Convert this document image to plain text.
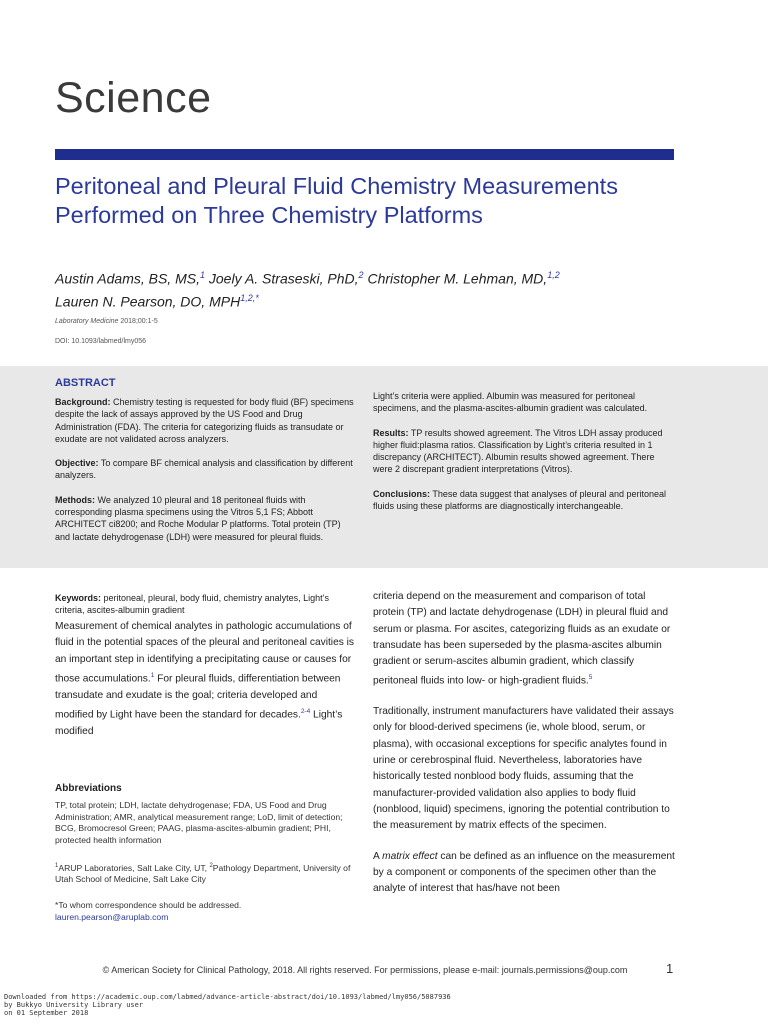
Science
Peritoneal and Pleural Fluid Chemistry Measurements Performed on Three Chemistry Platforms
Austin Adams, BS, MS,$^1$ Joely A. Straseski, PhD,$^2$ Christopher M. Lehman, MD,$^{1,2}$
Lauren N. Pearson, DO, $MPH^{1,2,*}$
Laboratory Medicine 2018;00:1-5
DOI: 10.1093/labmed/lmy056
ABSTRACT

Background: Chemistry testing is requested for body fluid (BF) specimens despite the lack of assays approved by the US Food and Drug Administration (FDA). The criteria for categorizing fluids as transudate or exudate are not validated across analyzers.

Objective: To compare BF chemical analysis and classification by different analyzers.

Methods: We analyzed 10 pleural and 18 peritoneal fluids with corresponding plasma specimens using the Vitros 5,1 FS; Abbott ARCHITECT ci8200; and Roche Modular P platforms. Total protein (TP) and lactate dehydrogenase (LDH) were measured for pleural fluids.

Light’s criteria were applied. Albumin was measured for peritoneal specimens, and the plasma-ascites-albumin gradient was calculated.

Results: TP results showed agreement. The Vitros LDH assay produced higher fluid:plasma ratios. Classification by Light’s criteria resulted in 1 discrepancy (ARCHITECT). Albumin results showed agreement. There were 2 discrepant gradient interpretations (Vitros).

Conclusions: These data suggest that analyses of pleural and peritoneal fluids using these platforms are diagnostically interchangeable.

Keywords: peritoneal, pleural, body fluid, chemistry analytes, Light’s criteria, ascites-albumin gradient

Measurement of chemical analytes in pathologic accumulations of fluid in the potential spaces of the pleural and peritoneal cavities is an important step in identifying a precipitating cause or causes for those accumulations.$^1$ For pleural fluids, differentiation between transudate and exudate is the goal; criteria developed and modified by Light have been the standard for decades.$^{2-4}$ Light’s modified

Abbreviations
TP, total protein; LDH, lactate dehydrogenase; FDA, US Food and Drug Administration; AMR, analytical measurement range; LoD, limit of detection; BCG, Bromocresol Green; PAAG, plasma-ascites-albumin gradient; PHI, protected health information
$^1$ARUP Laboratories, Salt Lake City, UT, $^2$Pathology Department, University of Utah School of Medicine, Salt Lake City
*To whom correspondence should be addressed.
lauren.pearson@aruplab.com

criteria depend on the measurement and comparison of total protein (TP) and lactate dehydrogenase (LDH) in pleural fluid and serum or plasma. For ascites, categorizing fluids as an exudate or transudate has been superseded by the plasma-ascites albumin gradient or serum-ascites albumin gradient, which classify peritoneal fluids into low- or high-gradient fluids.$^5$

Traditionally, instrument manufacturers have validated their assays only for blood-derived specimens (ie, whole blood, serum, or plasma), with occasional exceptions for specific analytes found in urine or cerebrospinal fluid. Nevertheless, laboratories have historically tested nonblood body fluids, assuming that the manufacturer-provided validation also applies to body fluid (nonblood, liquid) specimens, ignoring the potential contribution to the measurement by matrix effects of the specimen.

A matrix effect can be defined as an influence on the measurement by a component or components of the specimen other than the analyte of interest that has/have not been

© American Society for Clinical Pathology, 2018. All rights reserved. For permissions, please e-mail: journals.permissions@oup.com	1
Downloaded from https://academic.oup.com/labmed/advance-article-abstract/doi/10.1093/labmed/lmy056/5087936
by Bukkyo University Library user
on 01 September 2018
